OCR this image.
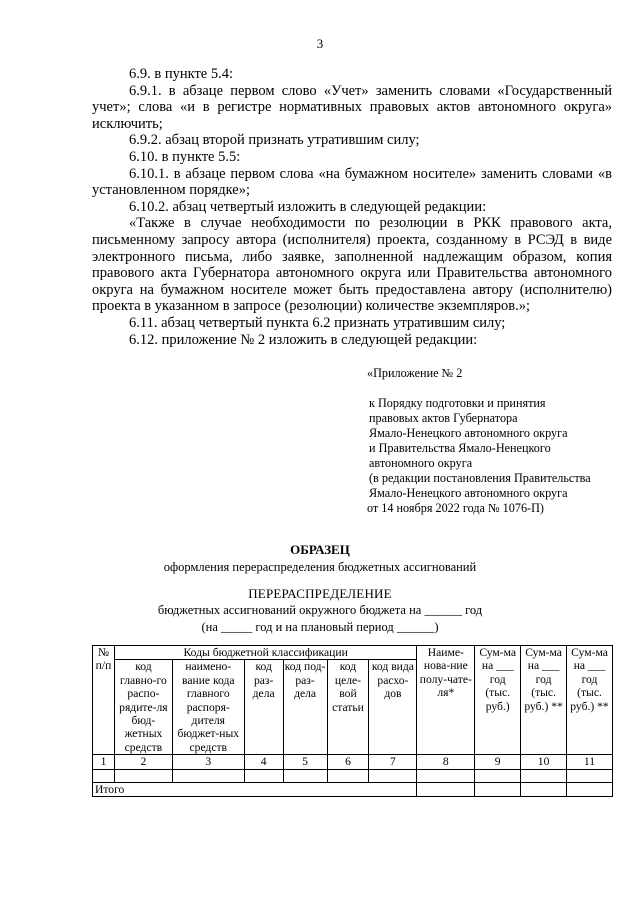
3

6.9. в пункте 5.4:

6.9.1. в абзаце первом слово «Учет» заменить словами «Государственный учет»; слова «и в регистре нормативных правовых актов автономного округа» исключить;

6.9.2. абзац второй признать утратившим силу;

6.10. в пункте 5.5:

6.10.1. в абзаце первом слова «на бумажном носителе» заменить словами «в установленном порядке»;

6.10.2. абзац четвертый изложить в следующей редакции:

«Также в случае необходимости по резолюции в РКК правового акта, письменному запросу автора (исполнителя) проекта, созданному в РСЭД в виде электронного письма, либо заявке, заполненной надлежащим образом, копия правового акта Губернатора автономного округа или Правительства автономного округа на бумажном носителе может быть предоставлена автору (исполнителю) проекта в указанном в запросе (резолюции) количестве экземпляров.»;

6.11. абзац четвертый пункта 6.2 признать утратившим силу;

6.12. приложение № 2 изложить в следующей редакции:

«Приложение № 2
к Порядку подготовки и принятия
правовых актов Губернатора
Ямало-Ненецкого автономного округа
и Правительства Ямало-Ненецкого
автономного округа
(в редакции постановления Правительства
Ямало-Ненецкого автономного округа
от 14 ноября 2022 года № 1076-П)
ОБРАЗЕЦ
оформления перераспределения бюджетных ассигнований
ПЕРЕРАСПРЕДЕЛЕНИЕ
бюджетных ассигнований окружного бюджета на ______ год
(на _____ год и на плановый период ______)
№ п/п	Коды бюджетной классификации						Наиме-нова-ние полу-чате-ля*	Сум-ма на ___ год (тыс. руб.)	Сум-ма на ___ год (тыс. руб.) **	Сум-ма на ___ год (тыс. руб.) **
	код главно-го распо-рядите-ля бюд-жетных средств	наимено-вание кода главного распоря-дителя бюджет-ных средств	код раз-дела	код под-раз-дела	код целе-вой статьи	код вида расхо-дов				
1	2	3	4	5	6	7	8	9	10	11

Итого										
